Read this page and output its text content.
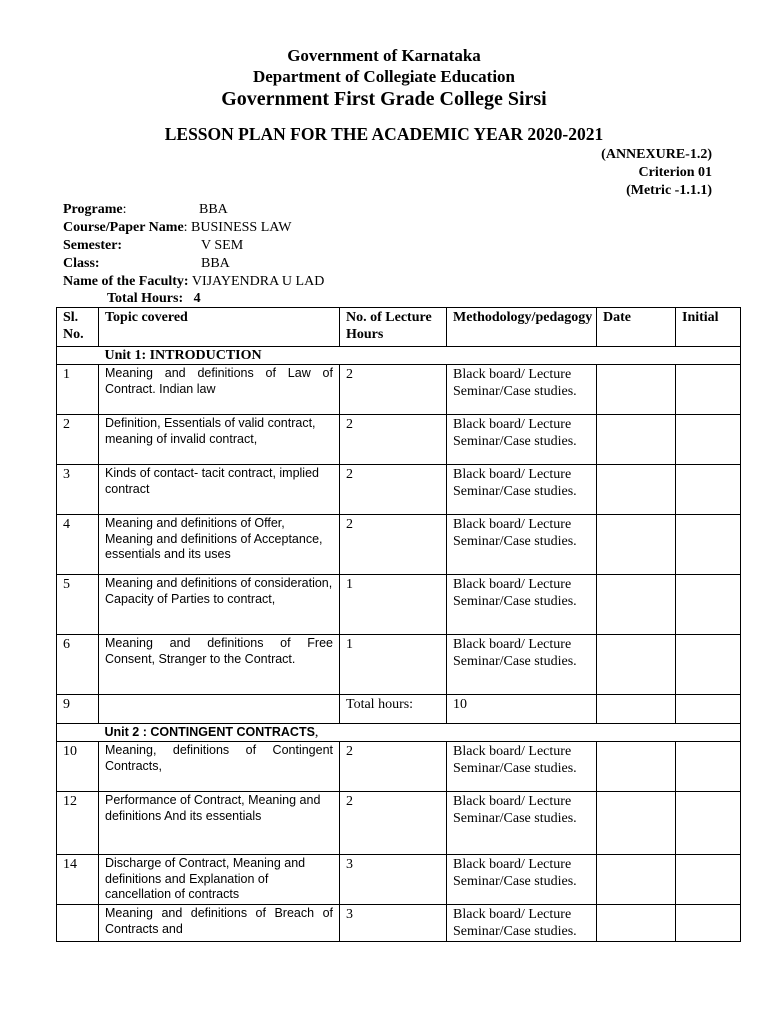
Government of Karnataka
Department of Collegiate Education
Government First Grade College Sirsi
LESSON PLAN FOR THE ACADEMIC YEAR 2020-2021
(ANNEXURE-1.2)
Criterion 01
(Metric -1.1.1)
Programe:	BBA
Course/Paper Name: BUSINESS LAW
Semester:	V SEM
Class:	BBA
Name of the Faculty: VIJAYENDRA U LAD
Total Hours: 4
Sl. No.	Topic covered	No. of Lecture Hours	Methodology/pedagogy	Date	Initial
	Unit 1: INTRODUCTION				
1	Meaning and definitions of Law of Contract. Indian law	2	Black board/ Lecture Seminar/Case studies.		
2	Definition, Essentials of valid contract, meaning of invalid contract,	2	Black board/ Lecture Seminar/Case studies.		
3	Kinds of contact- tacit contract, implied contract	2	Black board/ Lecture Seminar/Case studies.		
4	Meaning and definitions of Offer, Meaning and definitions of Acceptance, essentials and its uses	2	Black board/ Lecture Seminar/Case studies.		
5	Meaning and definitions of consideration, Capacity of Parties to contract,	1	Black board/ Lecture Seminar/Case studies.		
6	Meaning and definitions of Free Consent, Stranger to the Contract.	1	Black board/ Lecture Seminar/Case studies.		
9		Total hours:	10		
	Unit 2 : CONTINGENT CONTRACTS,				
10	Meaning, definitions of Contingent Contracts,	2	Black board/ Lecture Seminar/Case studies.		
12	Performance of Contract, Meaning and definitions And its essentials	2	Black board/ Lecture Seminar/Case studies.		
14	Discharge of Contract, Meaning and definitions and Explanation of cancellation of contracts	3	Black board/ Lecture Seminar/Case studies.		
	Meaning and definitions of Breach of Contracts and	3	Black board/ Lecture Seminar/Case studies.		
